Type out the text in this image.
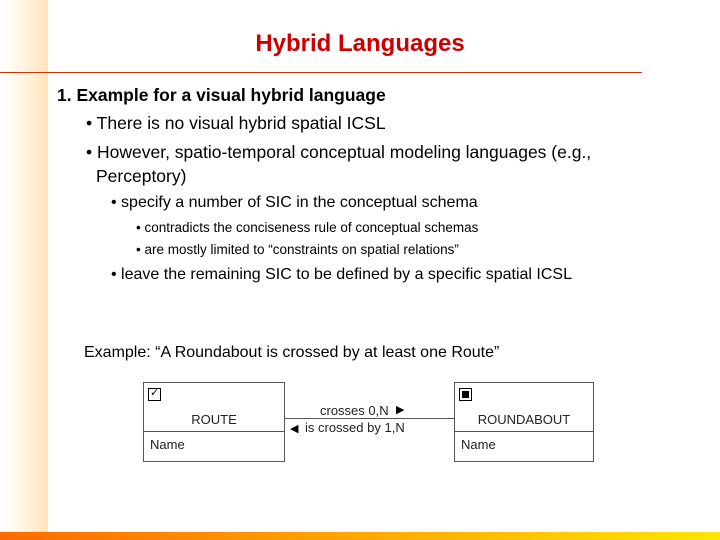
Hybrid Languages
1. Example for a visual hybrid language
• There is no visual hybrid spatial ICSL
• However, spatio-temporal conceptual modeling languages (e.g.,
Perceptory)
• specify a number of SIC in the conceptual schema
• contradicts the conciseness rule of conceptual schemas
• are mostly limited to “constraints on spatial relations”
• leave the remaining SIC to be defined by a specific spatial ICSL
Example: “A Roundabout is crossed by at least one Route”
✓
ROUTE
Name
crosses 0,N ▶
◀ is crossed by 1,N
ROUNDABOUT
Name
